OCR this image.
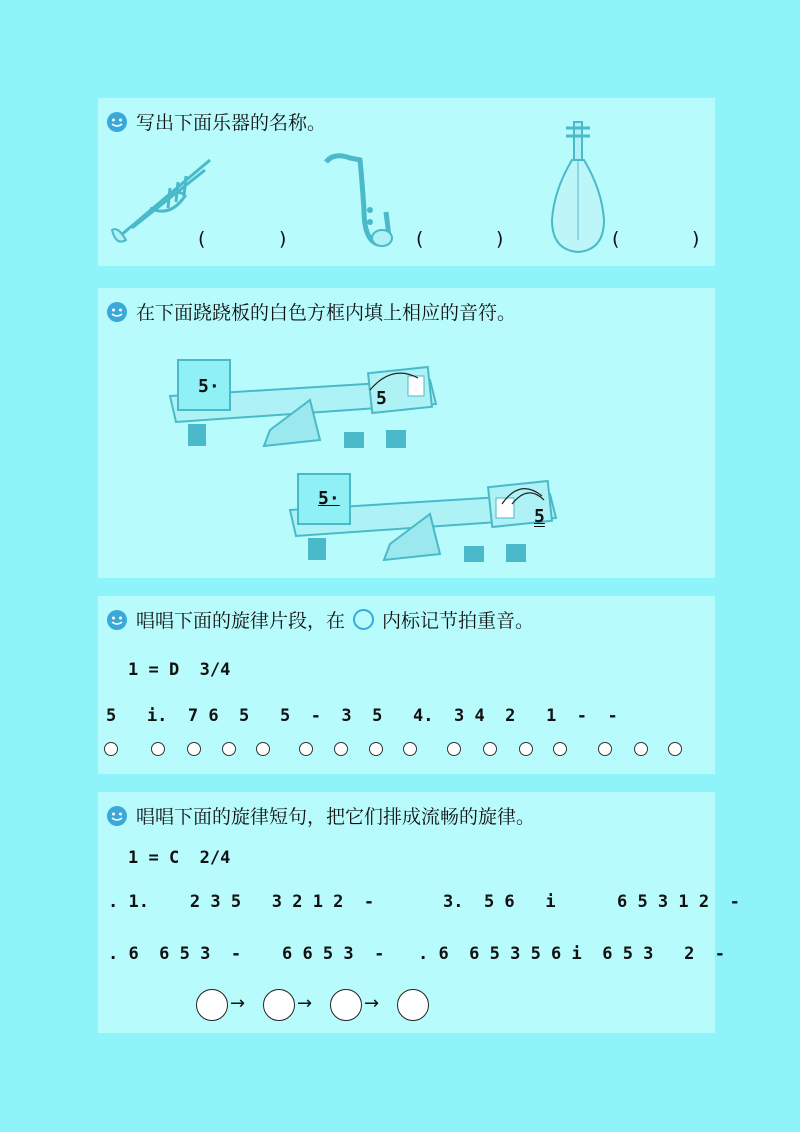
写出下面乐器的名称。
(	)	(	)	(	)
在下面跷跷板的白色方框内填上相应的音符。
5·
5
5·
5
唱唱下面的旋律片段，在 内标记节拍重音。
1 = D  3/4
5   i.  7 6  5   5  -  3  5   4.  3 4  2   1  -  -
唱唱下面的旋律短句，把它们排成流畅的旋律。
1 = C  2/4
. 1.    2 3 5   3 2 1 2  -	3.  5 6   i      6 5 3 1 2  -
. 6  6 5 3  -    6 6 5 3  - . 6  6 5 3 5 6 i  6 5 3   2  -
→	→	→
